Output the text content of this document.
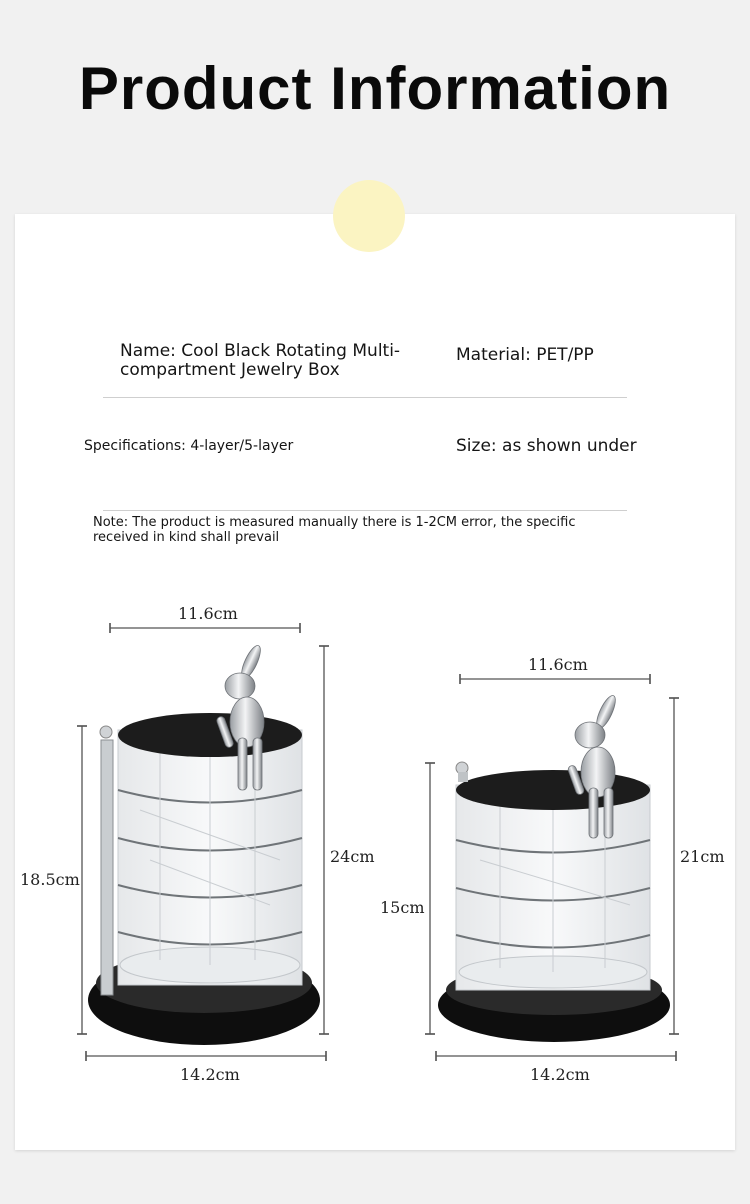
Product Information
Name: Cool Black Rotating Multi-compartment Jewelry Box
Material: PET/PP
Specifications: 4-layer/5-layer	Size: as shown under
Note: The product is measured manually there is 1-2CM error, the specific received in kind shall prevail
11.6cm
24cm
18.5cm
14.2cm
11.6cm
21cm
15cm
14.2cm
